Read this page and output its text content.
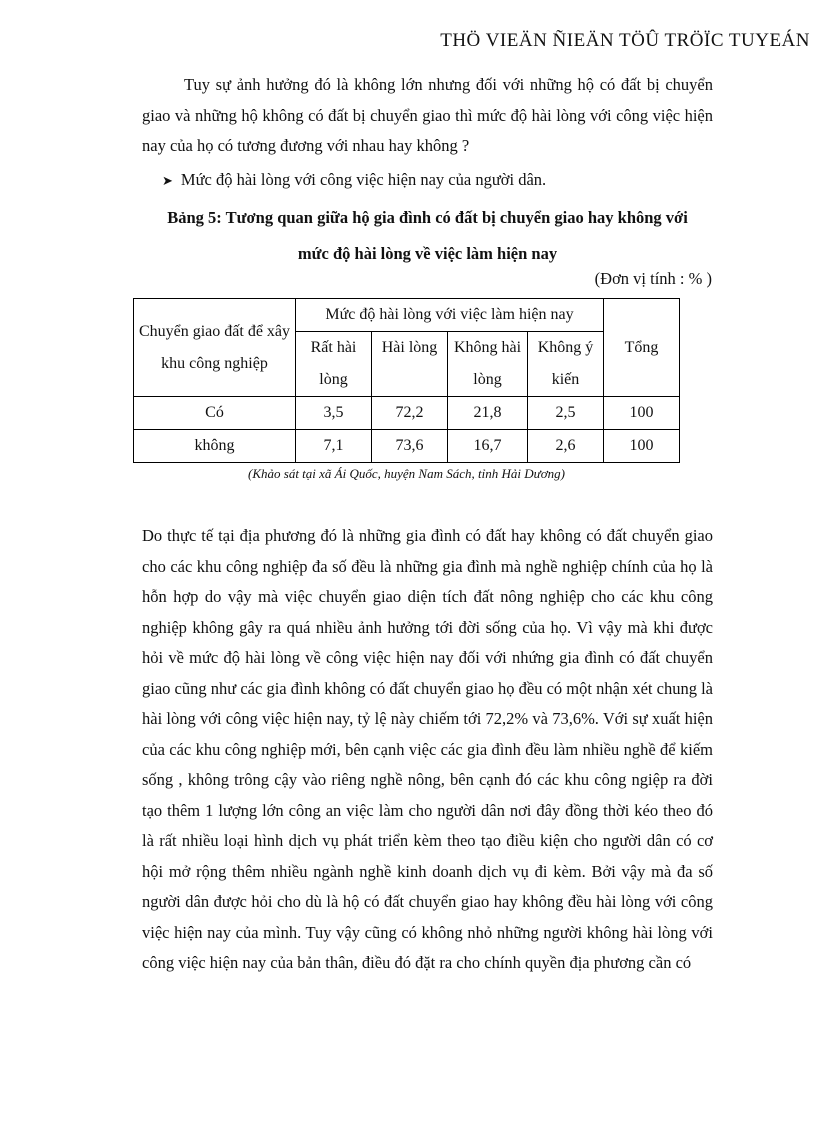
THÖ VIEÄN ÑIEÄN TÖÛ TRÖÏC TUYEÁN

Tuy sự ảnh hưởng đó là không lớn nhưng đối với những hộ có đất bị chuyển giao và những hộ không có đất bị chuyển giao thì mức độ hài lòng với công việc hiện nay của họ có tương đương với nhau hay không ?

➤ Mức độ hài lòng với công việc hiện nay của người dân.
Bảng 5: Tương quan giữa hộ gia đình có đất bị chuyển giao hay không với
mức độ hài lòng về việc làm hiện nay
(Đơn vị tính : % )
Chuyển giao đất để xây khu công nghiệp	Mức độ hài lòng với việc làm hiện nay				Tổng
	Rất hài lòng	Hài lòng	Không hài lòng	Không ý kiến	
Có	3,5	72,2	21,8	2,5	100
không	7,1	73,6	16,7	2,6	100
(Khảo sát tại xã Ái Quốc, huyện Nam Sách, tỉnh Hải Dương)

Do thực tế tại địa phương đó là những gia đình có đất hay không có đất chuyển giao cho các khu công nghiệp đa số đều là những gia đình mà nghề nghiệp chính của họ là hỗn hợp do vậy mà việc chuyển giao diện tích đất nông nghiệp cho các khu công nghiệp không gây ra quá nhiều ảnh hưởng tới đời sống của họ. Vì vậy mà khi được hỏi về mức độ hài lòng về công việc hiện nay đối với nhứng gia đình có đất chuyển giao cũng như các gia đình không có đất chuyển giao họ đều có một nhận xét chung là hài lòng với công việc hiện nay, tỷ lệ này chiếm tới 72,2% và 73,6%. Với sự xuất hiện của các khu công nghiệp mới, bên cạnh việc các gia đình đều làm nhiều nghề để kiếm sống , không trông cậy vào riêng nghề nông, bên cạnh đó các khu công ngiệp ra đời tạo thêm 1 lượng lớn công an việc làm cho người dân nơi đây đồng thời kéo theo đó là rất nhiều loại hình dịch vụ phát triển kèm theo tạo điều kiện cho người dân có cơ hội mở rộng thêm nhiều ngành nghề kinh doanh dịch vụ đi kèm. Bởi vậy mà đa số người dân được hỏi cho dù là hộ có đất chuyển giao hay không đều hài lòng với công việc hiện nay của mình. Tuy vậy cũng có không nhỏ những người không hài lòng với công việc hiện nay của bản thân, điều đó đặt ra cho chính quyền địa phương cần có
